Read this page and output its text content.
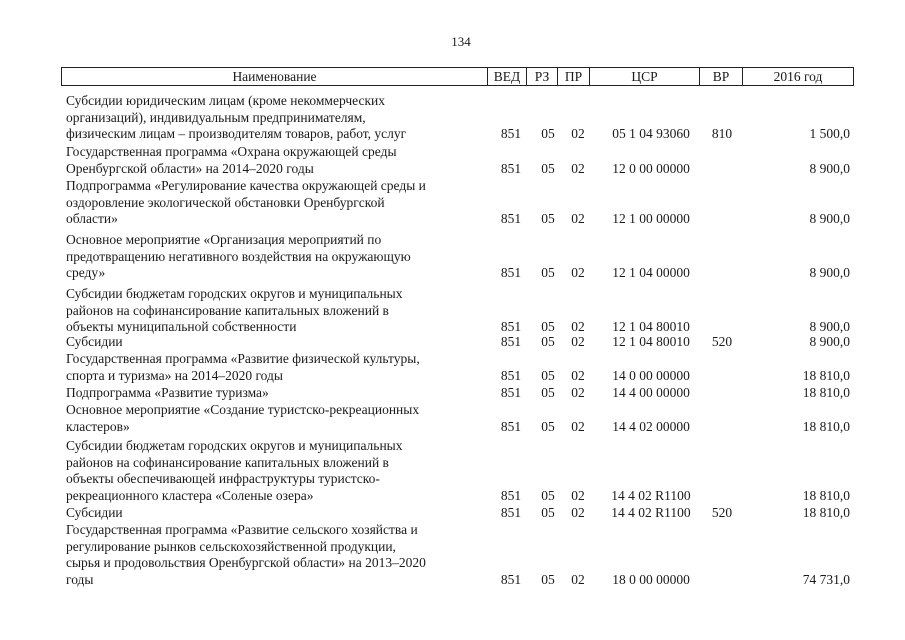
134
Наименование	ВЕД	РЗ	ПР	ЦСР	ВР	2016 год
Субсидии юридическим лицам (кроме некоммерческих
организаций), индивидуальным предпринимателям,
физическим лицам – производителям товаров, работ, услуг	851	05	02	05 1 04 93060	810	1 500,0
Государственная программа «Охрана окружающей среды
Оренбургской области» на 2014–2020 годы	851	05	02	12 0 00 00000	8 900,0
Подпрограмма «Регулирование качества окружающей среды и
оздоровление экологической обстановки Оренбургской
области»	851	05	02	12 1 00 00000	8 900,0
Основное мероприятие «Организация мероприятий по
предотвращению негативного воздействия на окружающую
среду»	851	05	02	12 1 04 00000	8 900,0
Субсидии бюджетам городских округов и муниципальных
районов на софинансирование капитальных вложений в
объекты муниципальной собственности	851	05	02	12 1 04 80010	8 900,0
Субсидии	851	05	02	12 1 04 80010	520	8 900,0
Государственная программа «Развитие физической культуры,
спорта и туризма» на 2014–2020 годы	851	05	02	14 0 00 00000	18 810,0
Подпрограмма «Развитие туризма»	851	05	02	14 4 00 00000	18 810,0
Основное мероприятие «Создание туристско-рекреационных
кластеров»	851	05	02	14 4 02 00000	18 810,0
Субсидии бюджетам городских округов и муниципальных
районов на софинансирование капитальных вложений в
объекты обеспечивающей инфраструктуры туристско-
рекреационного кластера «Соленые озера»	851	05	02	14 4 02 R1100	18 810,0
Субсидии	851	05	02	14 4 02 R1100	520	18 810,0
Государственная программа «Развитие сельского хозяйства и
регулирование рынков сельскохозяйственной продукции,
сырья и продовольствия Оренбургской области» на 2013–2020
годы	851	05	02	18 0 00 00000	74 731,0
